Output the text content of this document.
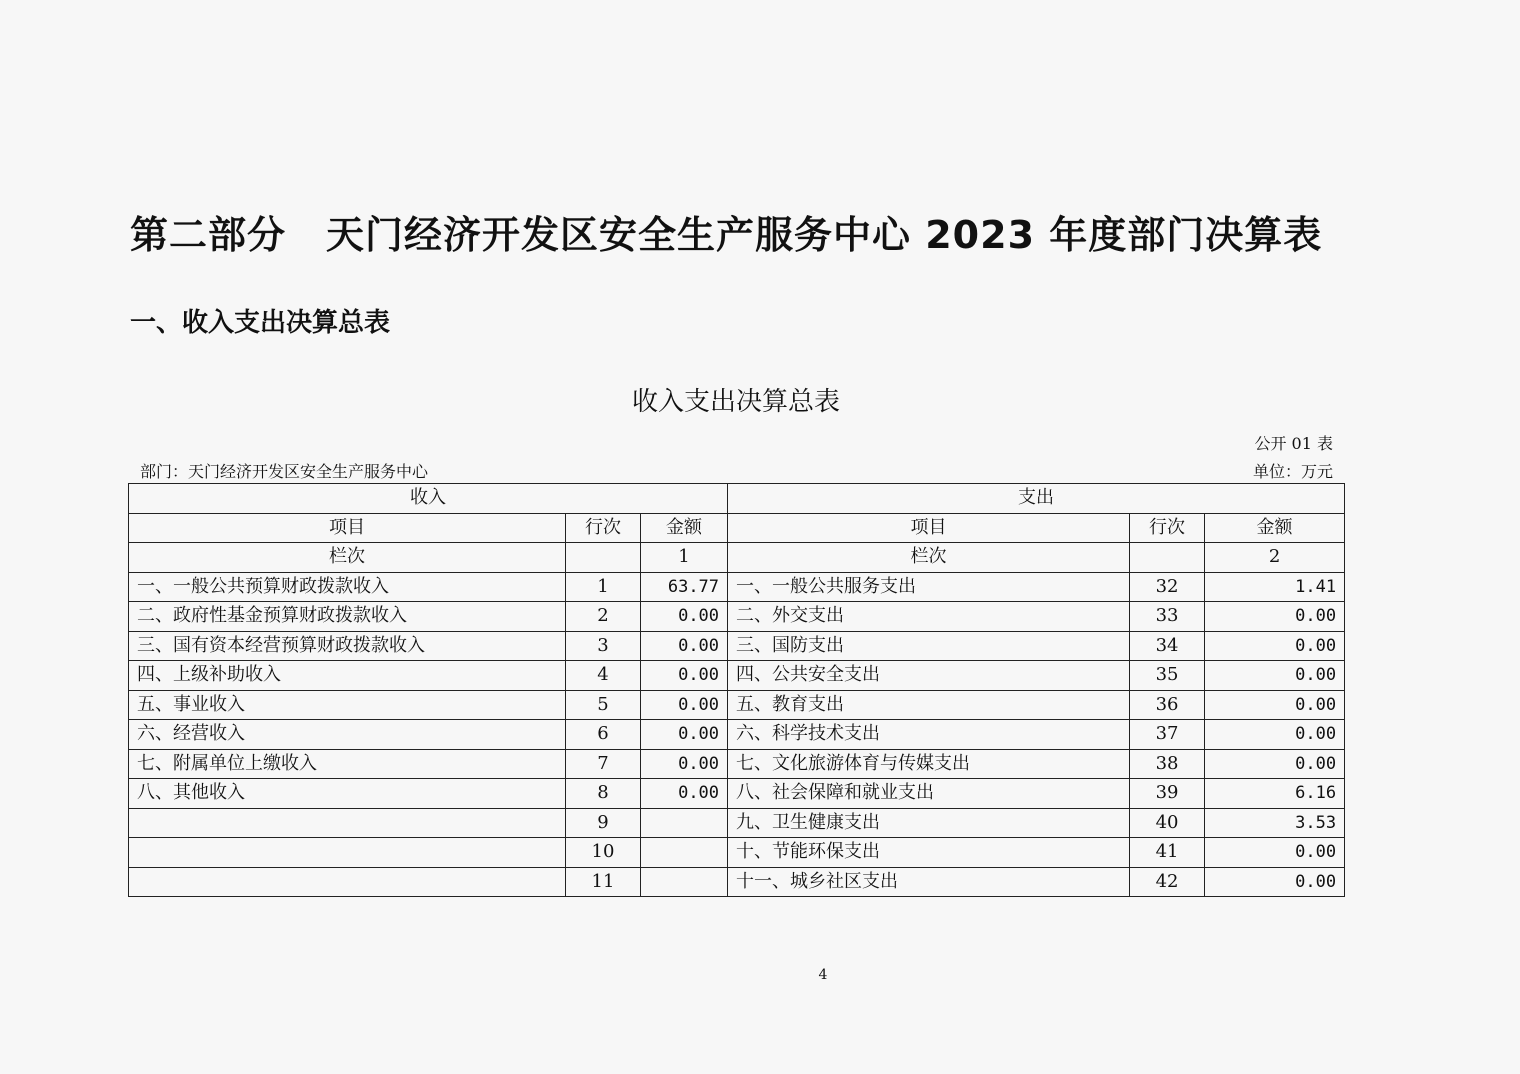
第二部分 天门经济开发区安全生产服务中心 2023 年度部门决算表
一、收入支出决算总表
收入支出决算总表
公开 01 表
部门：天门经济开发区安全生产服务中心	单位：万元
收入			支出		
项目	行次	金额	项目	行次	金额
栏次		1	栏次		2
一、一般公共预算财政拨款收入	1	63.77	一、一般公共服务支出	32	1.41
二、政府性基金预算财政拨款收入	2	0.00	二、外交支出	33	0.00
三、国有资本经营预算财政拨款收入	3	0.00	三、国防支出	34	0.00
四、上级补助收入	4	0.00	四、公共安全支出	35	0.00
五、事业收入	5	0.00	五、教育支出	36	0.00
六、经营收入	6	0.00	六、科学技术支出	37	0.00
七、附属单位上缴收入	7	0.00	七、文化旅游体育与传媒支出	38	0.00
八、其他收入	8	0.00	八、社会保障和就业支出	39	6.16
	9		九、卫生健康支出	40	3.53
	10		十、节能环保支出	41	0.00
	11		十一、城乡社区支出	42	0.00
4
